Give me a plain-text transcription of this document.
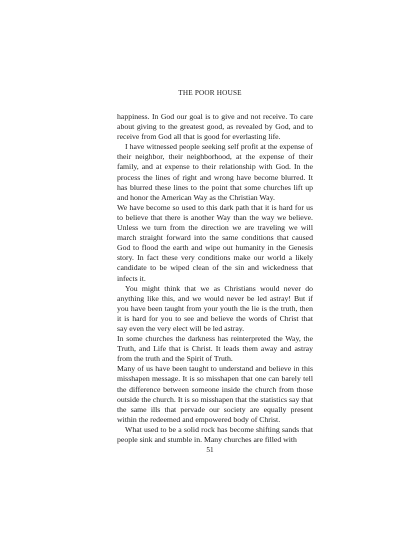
THE POOR HOUSE

happiness. In God our goal is to give and not receive. To care about giving to the greatest good, as revealed by God, and to receive from God all that is good for everlasting life.

I have witnessed people seeking self profit at the expense of their neighbor, their neighborhood, at the expense of their family, and at expense to their relationship with God. In the process the lines of right and wrong have become blurred. It has blurred these lines to the point that some churches lift up and honor the American Way as the Christian Way.

We have become so used to this dark path that it is hard for us to believe that there is another Way than the way we believe. Unless we turn from the direction we are traveling we will march straight forward into the same conditions that caused God to flood the earth and wipe out humanity in the Genesis story. In fact these very conditions make our world a likely candidate to be wiped clean of the sin and wickedness that infects it.

You might think that we as Christians would never do anything like this, and we would never be led astray! But if you have been taught from your youth the lie is the truth, then it is hard for you to see and believe the words of Christ that say even the very elect will be led astray.

In some churches the darkness has reinterpreted the Way, the Truth, and Life that is Christ. It leads them away and astray from the truth and the Spirit of Truth.

Many of us have been taught to understand and believe in this misshapen message. It is so misshapen that one can barely tell the difference between someone inside the church from those outside the church. It is so misshapen that the statistics say that the same ills that pervade our society are equally present within the redeemed and empowered body of Christ.

What used to be a solid rock has become shifting sands that people sink and stumble in. Many churches are filled with

51
